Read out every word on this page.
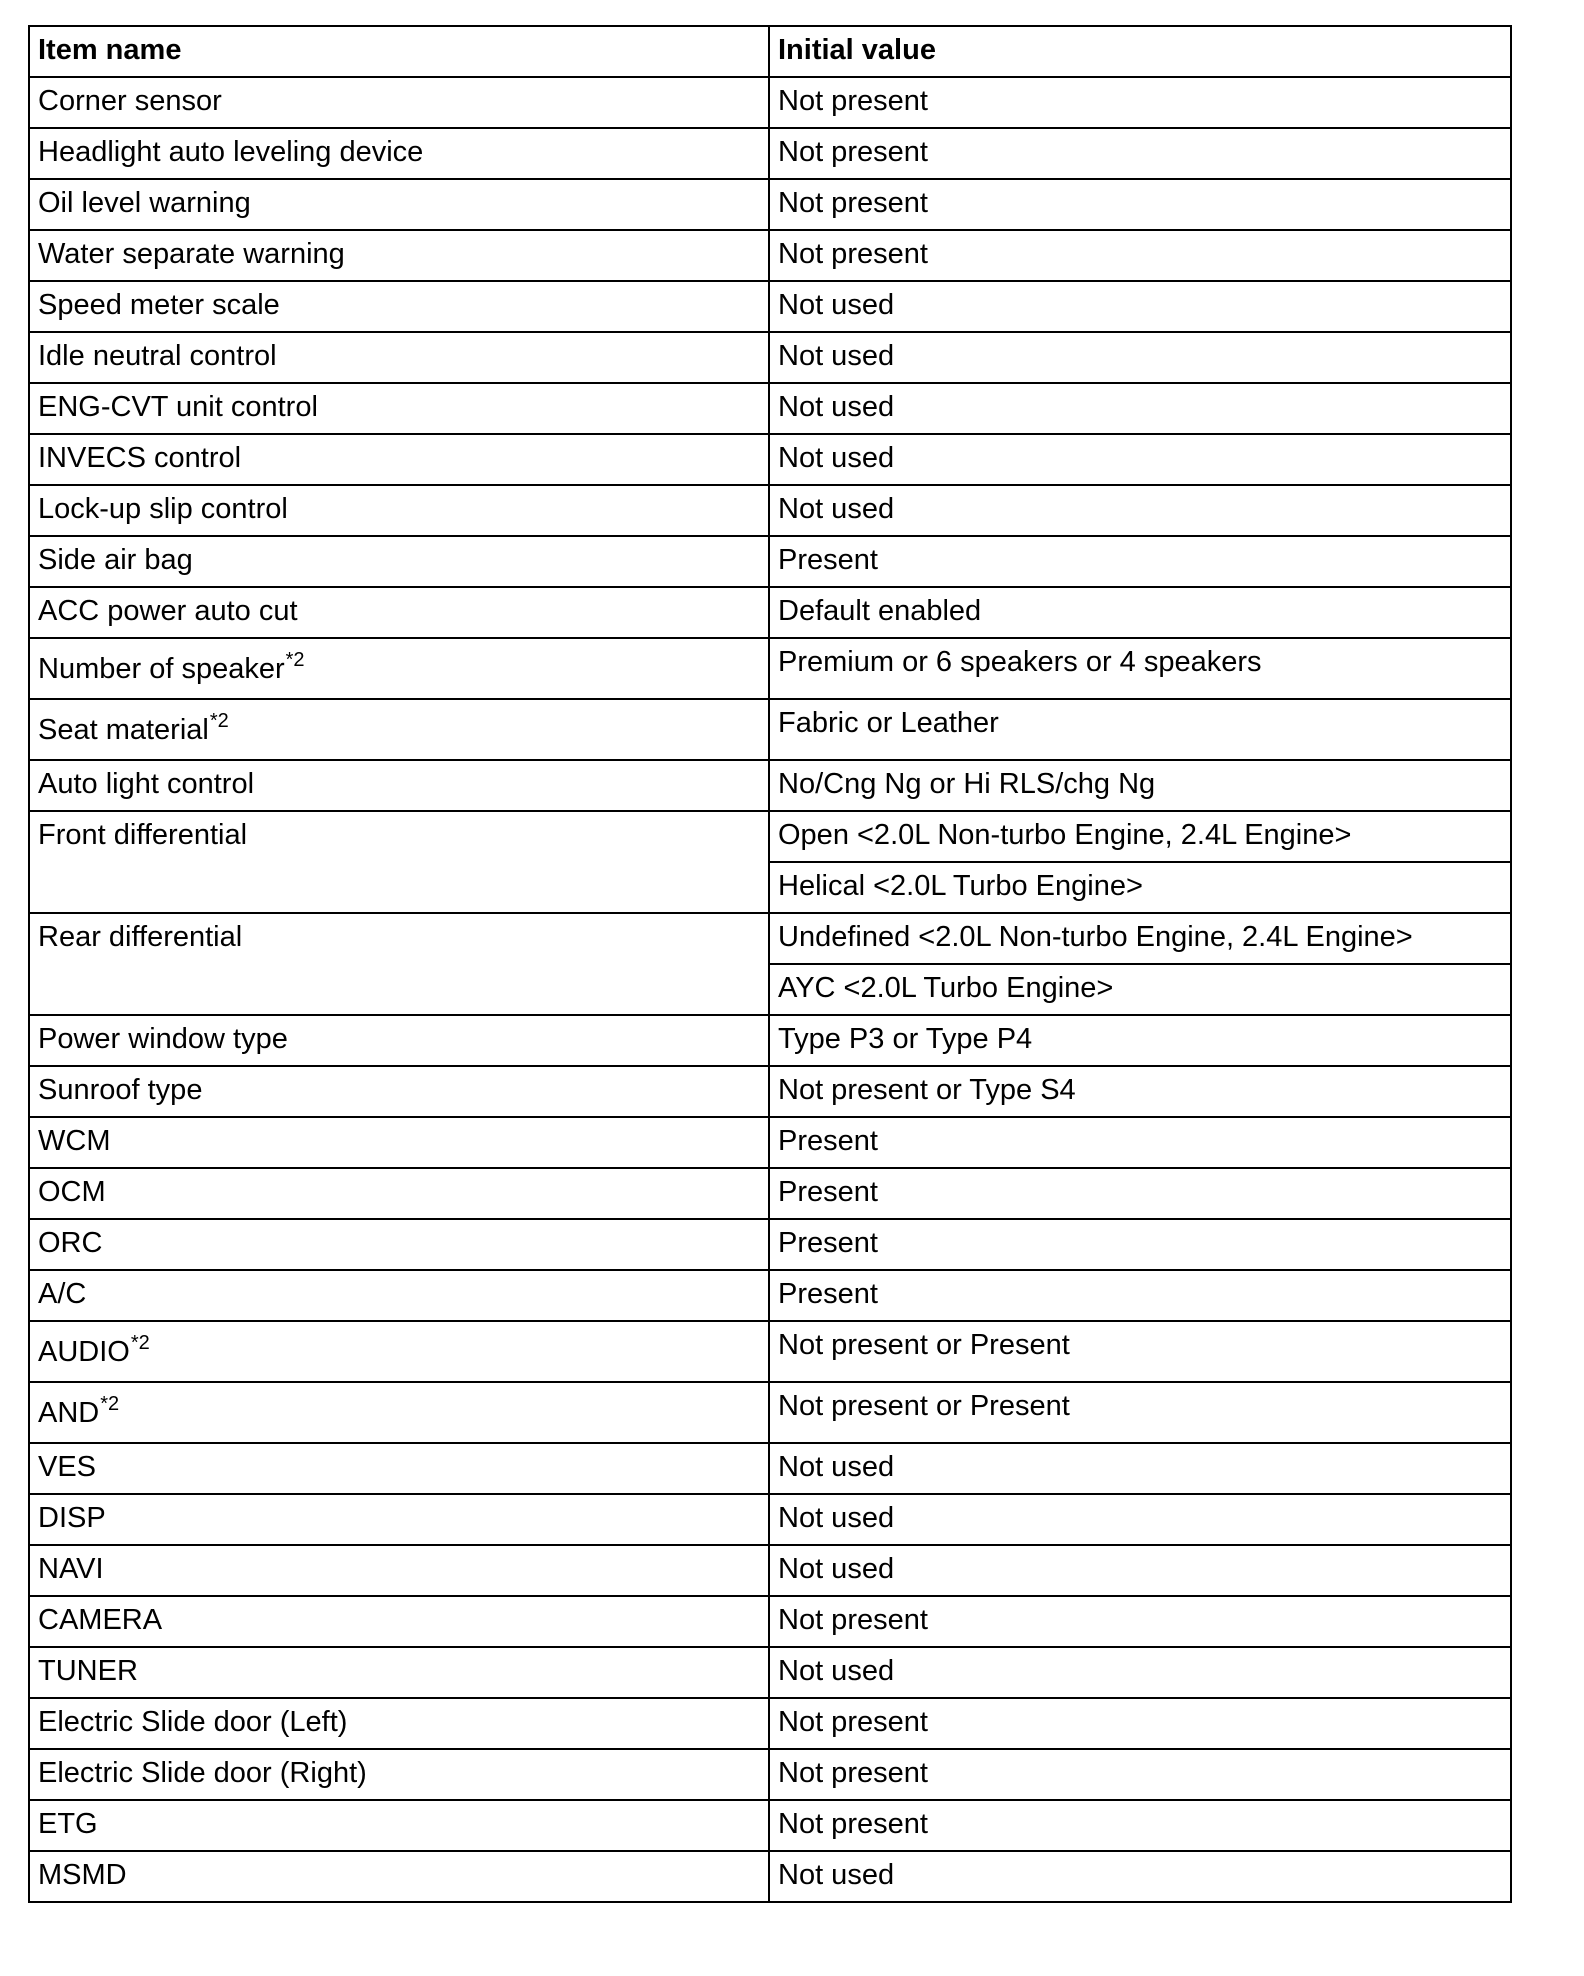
Item name	Initial value
Corner sensor	Not present
Headlight auto leveling device	Not present
Oil level warning	Not present
Water separate warning	Not present
Speed meter scale	Not used
Idle neutral control	Not used
ENG-CVT unit control	Not used
INVECS control	Not used
Lock-up slip control	Not used
Side air bag	Present
ACC power auto cut	Default enabled
Number of speaker$^{*2}$	Premium or 6 speakers or 4 speakers
Seat material$^{*2}$	Fabric or Leather
Auto light control	No/Cng Ng or Hi RLS/chg Ng
Front differential	Open <2.0L Non-turbo Engine, 2.4L Engine>
	Helical <2.0L Turbo Engine>
Rear differential	Undefined <2.0L Non-turbo Engine, 2.4L Engine>
	AYC <2.0L Turbo Engine>
Power window type	Type P3 or Type P4
Sunroof type	Not present or Type S4
WCM	Present
OCM	Present
ORC	Present
A/C	Present
AUDIO$^{*2}$	Not present or Present
AND$^{*2}$	Not present or Present
VES	Not used
DISP	Not used
NAVI	Not used
CAMERA	Not present
TUNER	Not used
Electric Slide door (Left)	Not present
Electric Slide door (Right)	Not present
ETG	Not present
MSMD	Not used
